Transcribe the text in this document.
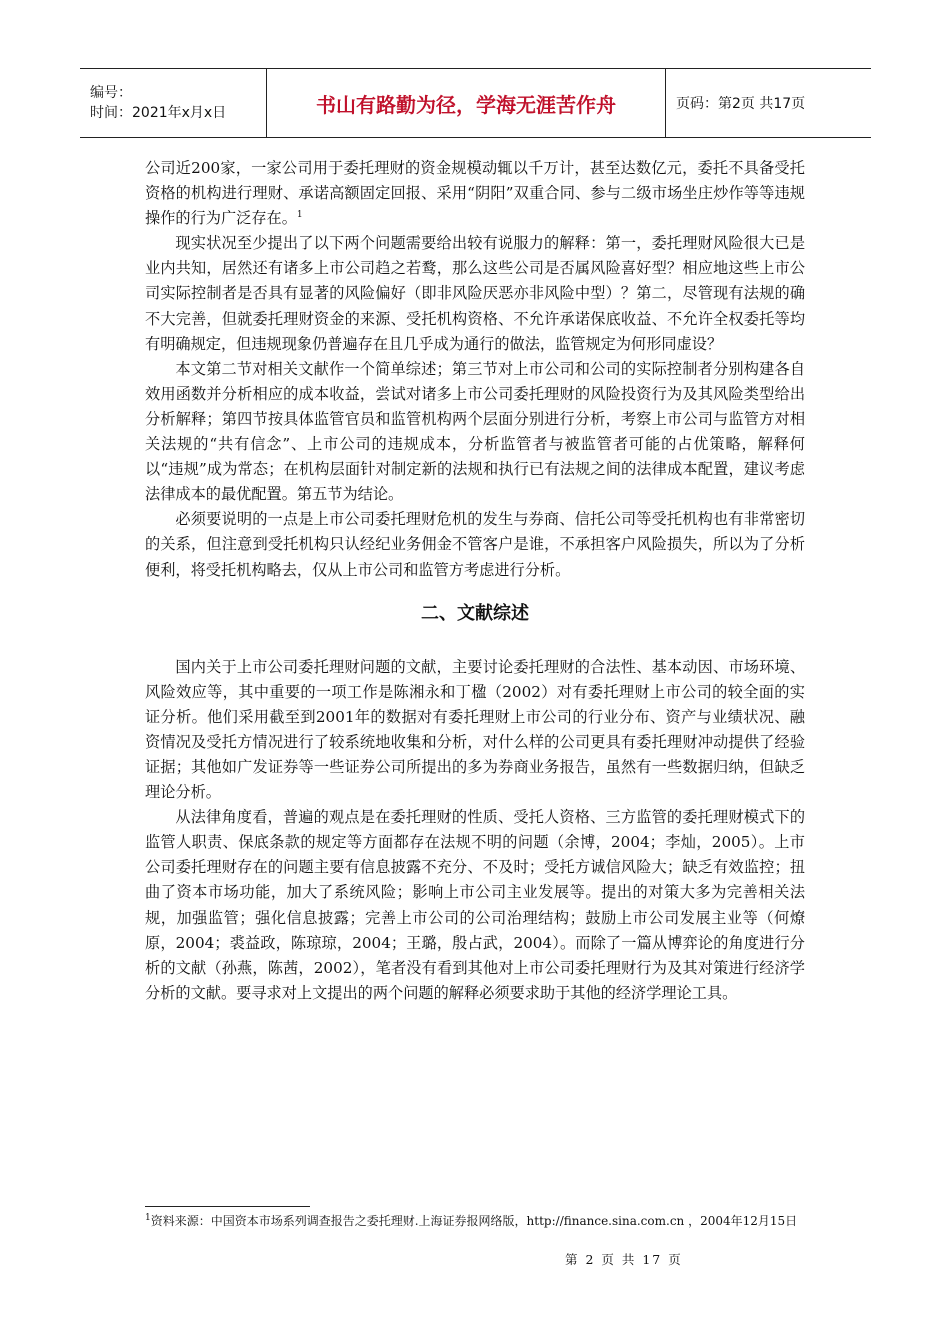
编号：
时间：2021年x月x日	书山有路勤为径，学海无涯苦作舟	页码：第2页 共17页

公司近200家，一家公司用于委托理财的资金规模动辄以千万计，甚至达数亿元，委托不具备受托资格的机构进行理财、承诺高额固定回报、采用“阴阳”双重合同、参与二级市场坐庄炒作等等违规操作的行为广泛存在。$^1$

现实状况至少提出了以下两个问题需要给出较有说服力的解释：第一，委托理财风险很大已是业内共知，居然还有诸多上市公司趋之若鹜，那么这些公司是否属风险喜好型？相应地这些上市公司实际控制者是否具有显著的风险偏好（即非风险厌恶亦非风险中型）？第二，尽管现有法规的确不大完善，但就委托理财资金的来源、受托机构资格、不允许承诺保底收益、不允许全权委托等均有明确规定，但违规现象仍普遍存在且几乎成为通行的做法，监管规定为何形同虚设？

本文第二节对相关文献作一个简单综述；第三节对上市公司和公司的实际控制者分别构建各自效用函数并分析相应的成本收益，尝试对诸多上市公司委托理财的风险投资行为及其风险类型给出分析解释；第四节按具体监管官员和监管机构两个层面分别进行分析，考察上市公司与监管方对相关法规的“共有信念”、上市公司的违规成本，分析监管者与被监管者可能的占优策略，解释何以“违规”成为常态；在机构层面针对制定新的法规和执行已有法规之间的法律成本配置，建议考虑法律成本的最优配置。第五节为结论。

必须要说明的一点是上市公司委托理财危机的发生与券商、信托公司等受托机构也有非常密切的关系，但注意到受托机构只认经纪业务佣金不管客户是谁，不承担客户风险损失，所以为了分析便利，将受托机构略去，仅从上市公司和监管方考虑进行分析。

二、文献综述

国内关于上市公司委托理财问题的文献，主要讨论委托理财的合法性、基本动因、市场环境、风险效应等，其中重要的一项工作是陈湘永和丁楹（2002）对有委托理财上市公司的较全面的实证分析。他们采用截至到2001年的数据对有委托理财上市公司的行业分布、资产与业绩状况、融资情况及受托方情况进行了较系统地收集和分析，对什么样的公司更具有委托理财冲动提供了经验证据；其他如广发证券等一些证券公司所提出的多为券商业务报告，虽然有一些数据归纳，但缺乏理论分析。

从法律角度看，普遍的观点是在委托理财的性质、受托人资格、三方监管的委托理财模式下的监管人职责、保底条款的规定等方面都存在法规不明的问题（余博，2004；李灿，2005）。上市公司委托理财存在的问题主要有信息披露不充分、不及时；受托方诚信风险大；缺乏有效监控；扭曲了资本市场功能，加大了系统风险；影响上市公司主业发展等。提出的对策大多为完善相关法规，加强监管；强化信息披露；完善上市公司的公司治理结构；鼓励上市公司发展主业等（何燎原，2004；裘益政，陈琼琼，2004；王璐，殷占武，2004）。而除了一篇从博弈论的角度进行分析的文献（孙燕，陈茜，2002），笔者没有看到其他对上市公司委托理财行为及其对策进行经济学分析的文献。要寻求对上文提出的两个问题的解释必须要求助于其他的经济学理论工具。

$^1$资料来源：中国资本市场系列调查报告之委托理财.上海证券报网络版，http://finance.sina.com.cn ，2004年12月15日
第 2 页 共 17 页
